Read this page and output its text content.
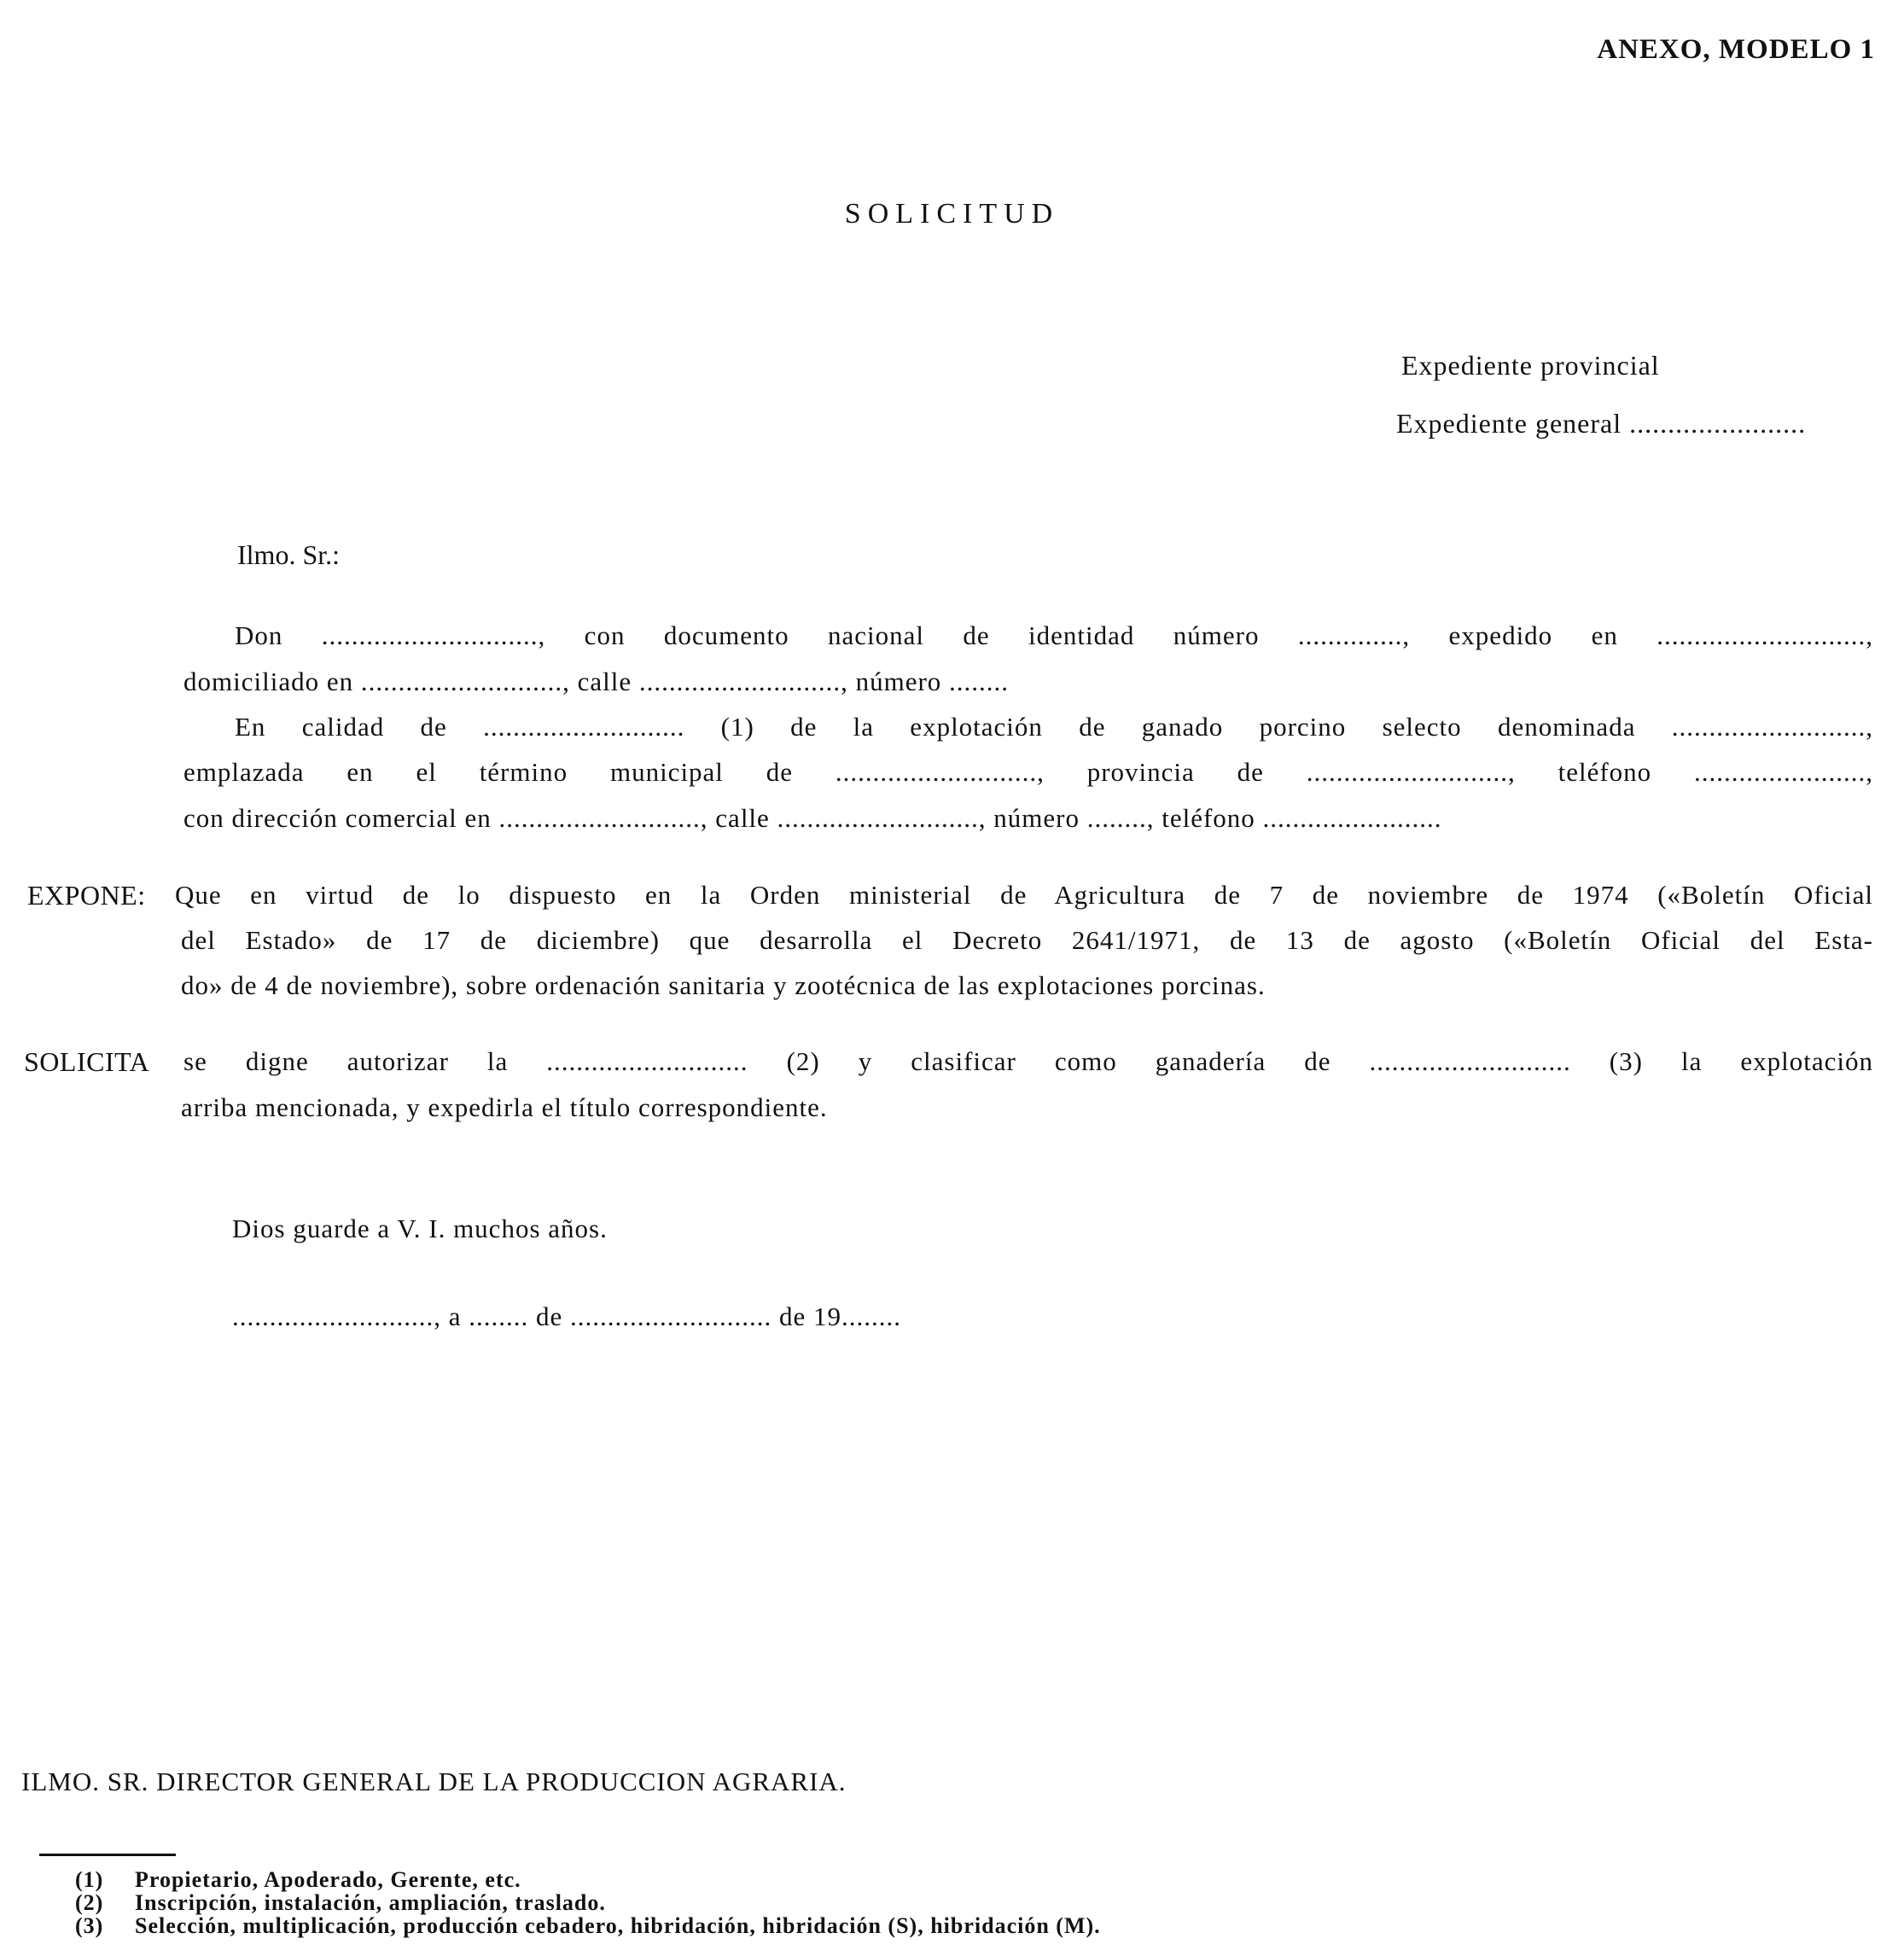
ANEXO, MODELO 1
SOLICITUD
Expediente provincial
Expediente general .......................
Ilmo. Sr.:
Don ............................., con documento nacional de identidad número .............., expedido en ............................,
domiciliado en ..........................., calle ..........................., número ........
En calidad de ........................... (1) de la explotación de ganado porcino selecto denominada ..........................,
emplazada en el término municipal de ..........................., provincia de ..........................., teléfono .......................,
con dirección comercial en ..........................., calle ..........................., número ........, teléfono ........................
EXPONE: Que en virtud de lo dispuesto en la Orden ministerial de Agricultura de 7 de noviembre de 1974 («Boletín Oficial
del Estado» de 17 de diciembre) que desarrolla el Decreto 2641/1971, de 13 de agosto («Boletín Oficial del Esta-
do» de 4 de noviembre), sobre ordenación sanitaria y zootécnica de las explotaciones porcinas.
SOLICITA se digne autorizar la ........................... (2) y clasificar como ganadería de ........................... (3) la explotación
arriba mencionada, y expedirla el título correspondiente.
Dios guarde a V. I. muchos años.
..........................., a ........ de ........................... de 19........
ILMO. SR. DIRECTOR GENERAL DE LA PRODUCCION AGRARIA.
(1) Propietario, Apoderado, Gerente, etc.
(2) Inscripción, instalación, ampliación, traslado.
(3) Selección, multiplicación, producción cebadero, hibridación, hibridación (S), hibridación (M).
